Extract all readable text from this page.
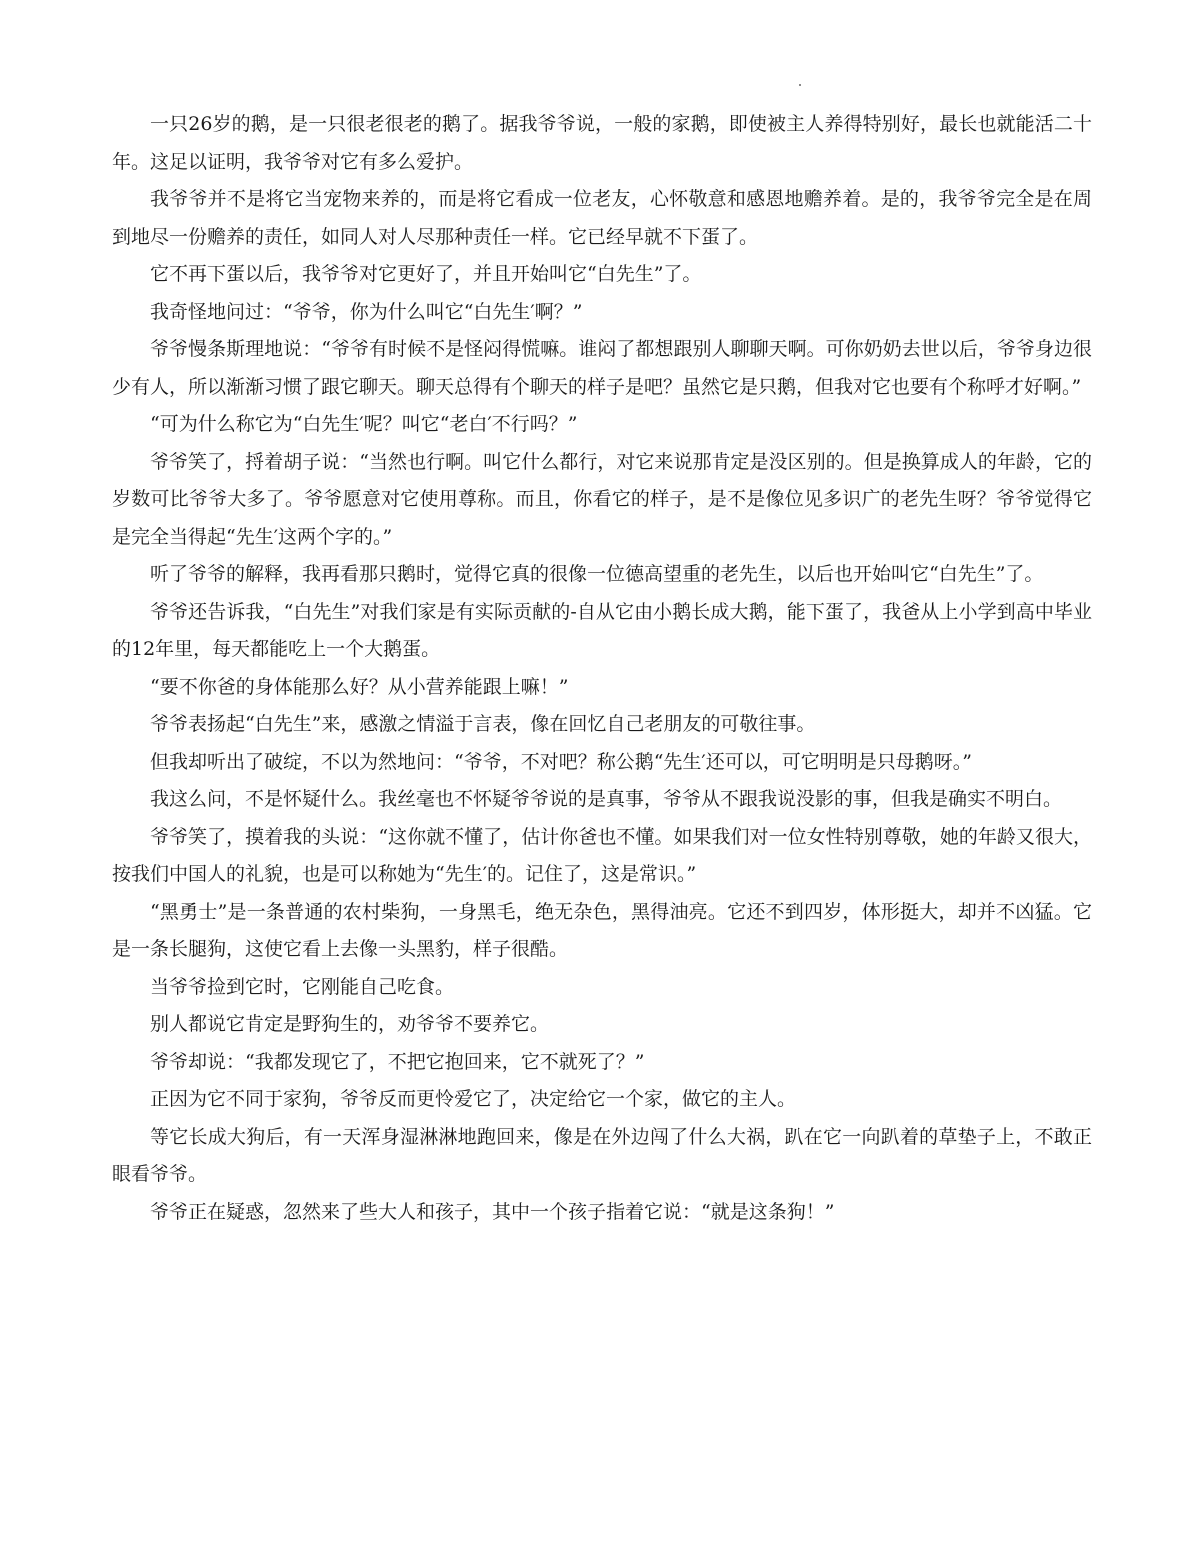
一只26岁的鹅，是一只很老很老的鹅了。据我爷爷说，一般的家鹅，即使被主人养得特别好，最长也就能活二十年。这足以证明，我爷爷对它有多么爱护。

我爷爷并不是将它当宠物来养的，而是将它看成一位老友，心怀敬意和感恩地赡养着。是的，我爷爷完全是在周到地尽一份赡养的责任，如同人对人尽那种责任一样。它已经早就不下蛋了。

它不再下蛋以后，我爷爷对它更好了，并且开始叫它“白先生”了。

我奇怪地问过：“爷爷，你为什么叫它“白先生′啊？”

爷爷慢条斯理地说：“爷爷有时候不是怪闷得慌嘛。谁闷了都想跟别人聊聊天啊。可你奶奶去世以后，爷爷身边很少有人，所以渐渐习惯了跟它聊天。聊天总得有个聊天的样子是吧？虽然它是只鹅，但我对它也要有个称呼才好啊。”

“可为什么称它为“白先生′呢？叫它“老白′不行吗？”

爷爷笑了，捋着胡子说：“当然也行啊。叫它什么都行，对它来说那肯定是没区别的。但是换算成人的年龄，它的岁数可比爷爷大多了。爷爷愿意对它使用尊称。而且，你看它的样子，是不是像位见多识广的老先生呀？爷爷觉得它是完全当得起“先生′这两个字的。”

听了爷爷的解释，我再看那只鹅时，觉得它真的很像一位德高望重的老先生，以后也开始叫它“白先生”了。

爷爷还告诉我，“白先生”对我们家是有实际贡献的-自从它由小鹅长成大鹅，能下蛋了，我爸从上小学到高中毕业的12年里，每天都能吃上一个大鹅蛋。

“要不你爸的身体能那么好？从小营养能跟上嘛！”

爷爷表扬起“白先生”来，感激之情溢于言表，像在回忆自己老朋友的可敬往事。

但我却听出了破绽，不以为然地问：“爷爷，不对吧？称公鹅“先生′还可以，可它明明是只母鹅呀。”

我这么问，不是怀疑什么。我丝毫也不怀疑爷爷说的是真事，爷爷从不跟我说没影的事，但我是确实不明白。

爷爷笑了，摸着我的头说：“这你就不懂了，估计你爸也不懂。如果我们对一位女性特别尊敬，她的年龄又很大，按我们中国人的礼貌，也是可以称她为“先生′的。记住了，这是常识。”

“黑勇士”是一条普通的农村柴狗，一身黑毛，绝无杂色，黑得油亮。它还不到四岁，体形挺大，却并不凶猛。它是一条长腿狗，这使它看上去像一头黑豹，样子很酷。

当爷爷捡到它时，它刚能自己吃食。

别人都说它肯定是野狗生的，劝爷爷不要养它。

爷爷却说：“我都发现它了，不把它抱回来，它不就死了？”

正因为它不同于家狗，爷爷反而更怜爱它了，决定给它一个家，做它的主人。

等它长成大狗后，有一天浑身湿淋淋地跑回来，像是在外边闯了什么大祸，趴在它一向趴着的草垫子上，不敢正眼看爷爷。

爷爷正在疑惑，忽然来了些大人和孩子，其中一个孩子指着它说：“就是这条狗！”
